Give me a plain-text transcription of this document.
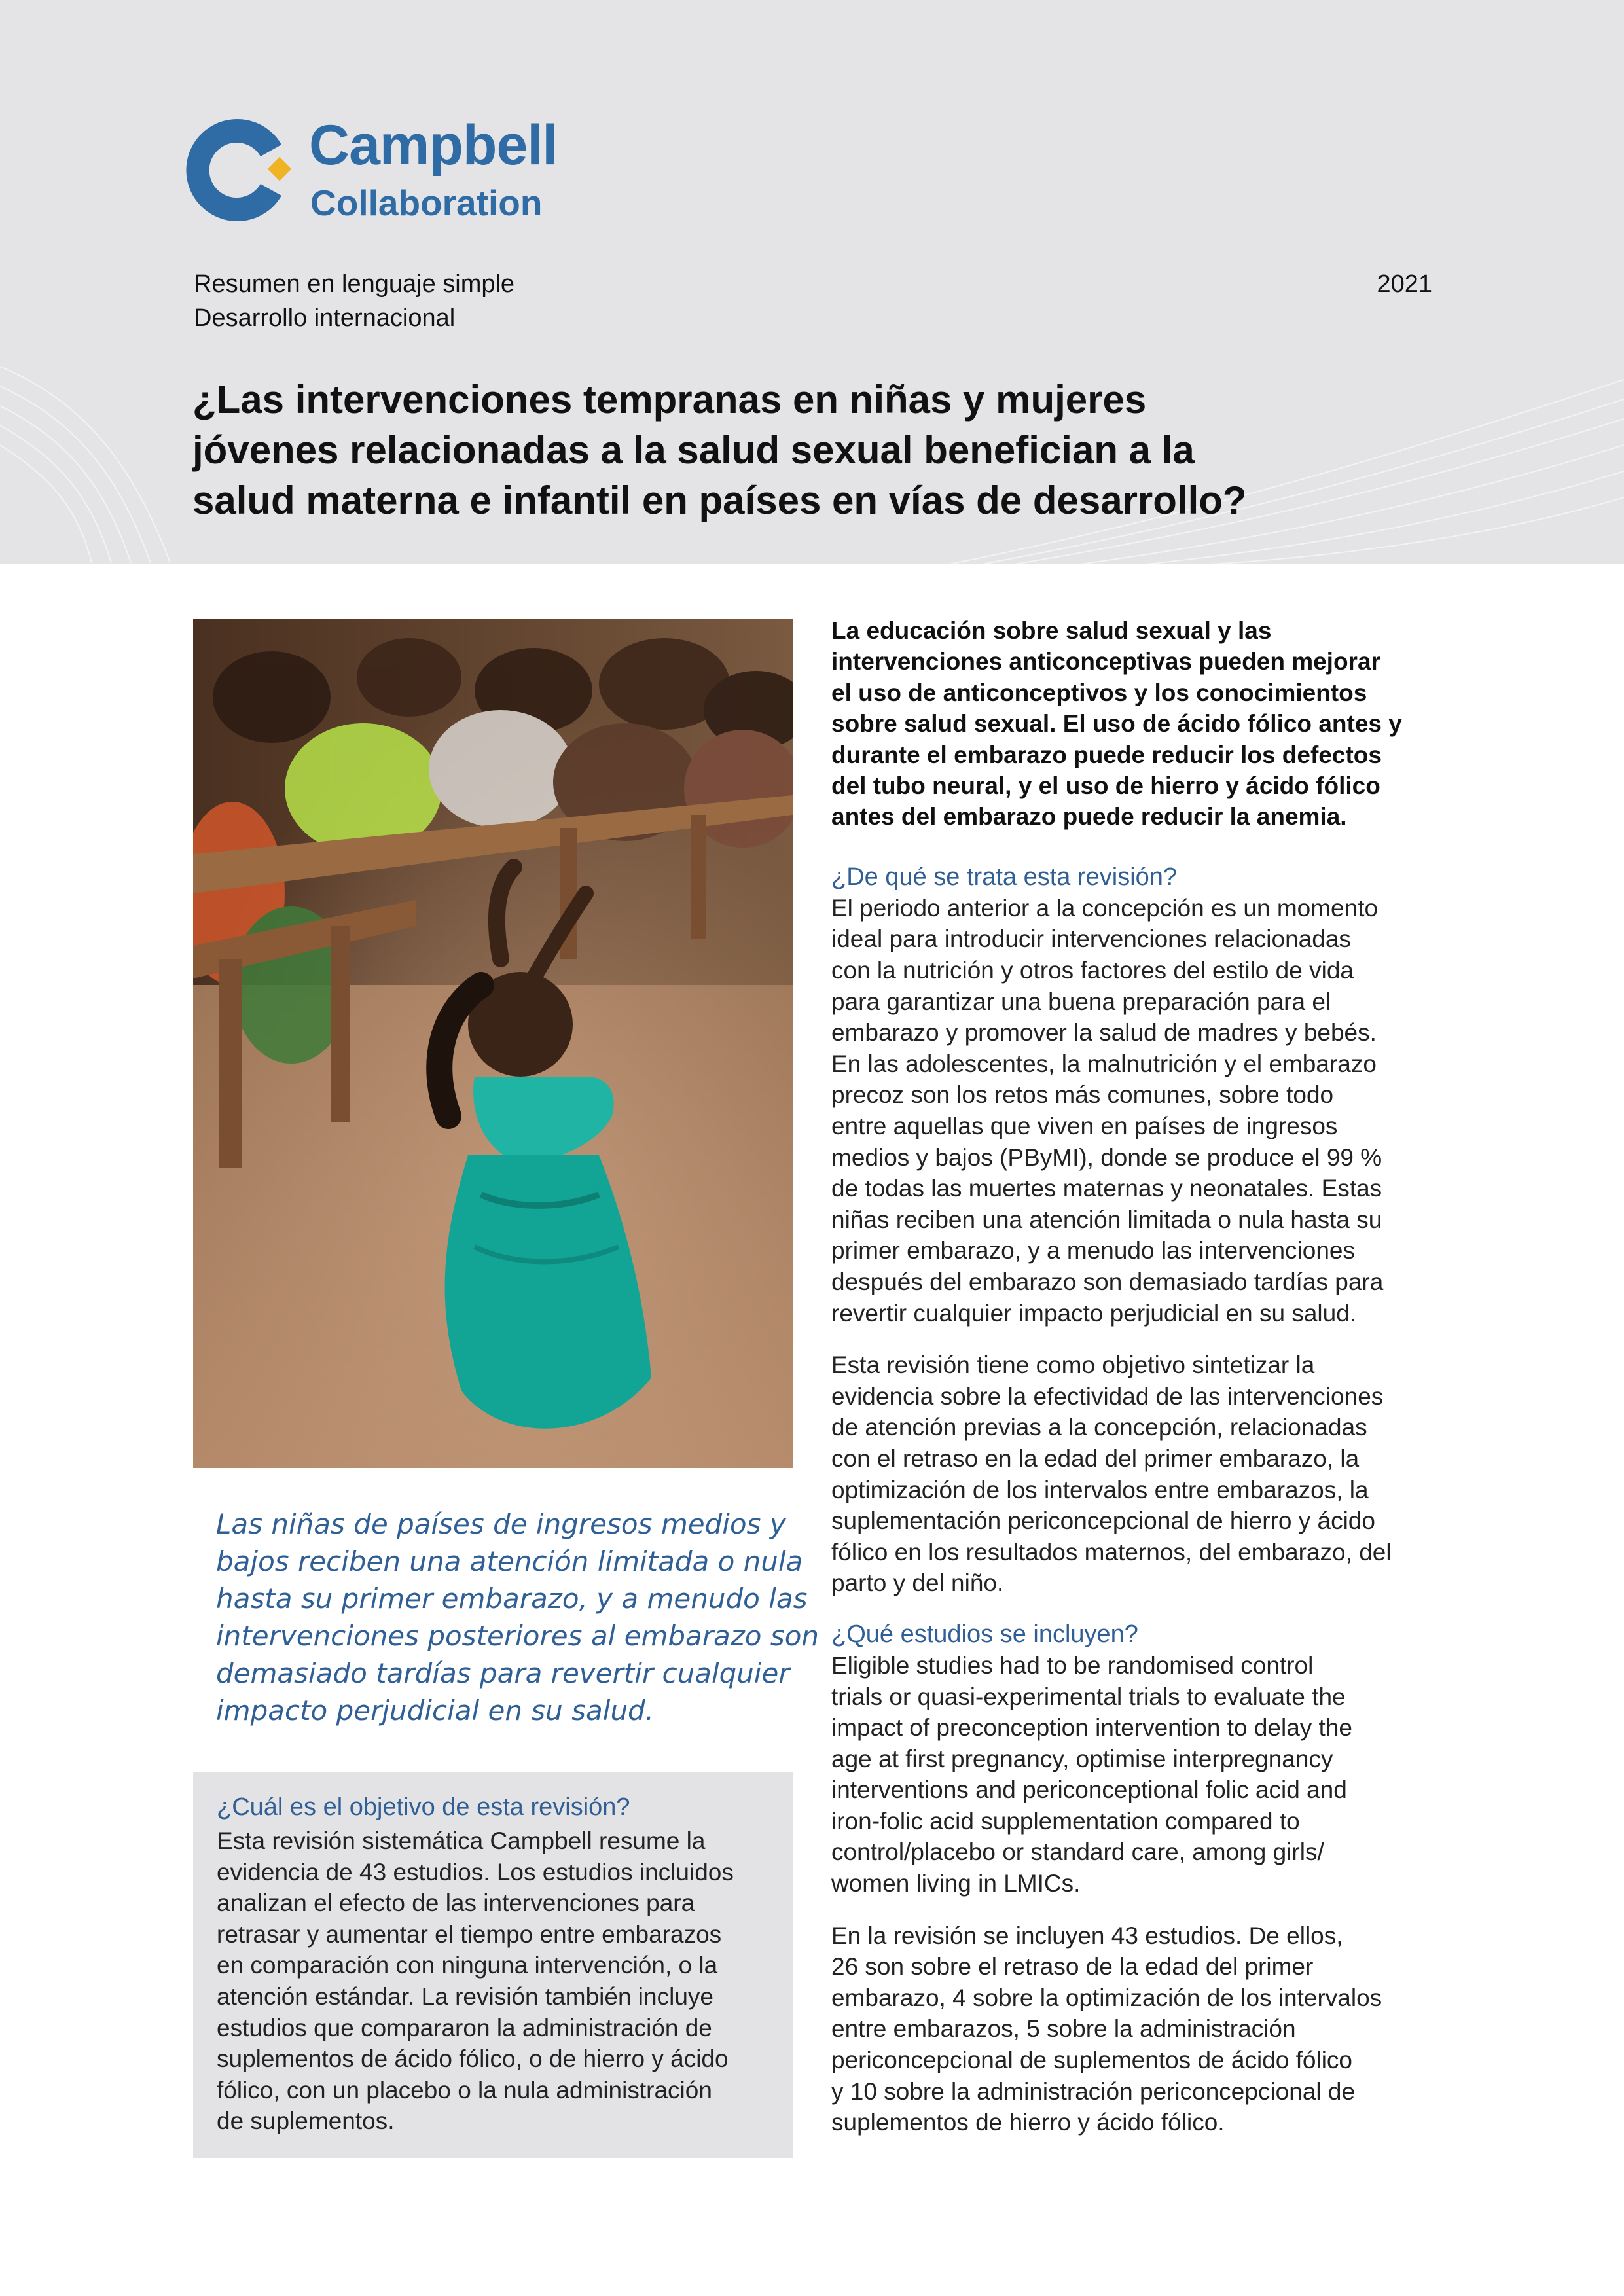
Campbell
Collaboration
Resumen en lenguaje simple
Desarrollo internacional
2021
¿Las intervenciones tempranas en niñas y mujeres
jóvenes relacionadas a la salud sexual benefician a la
salud materna e infantil en países en vías de desarrollo?
Las niñas de países de ingresos medios y
bajos reciben una atención limitada o nula
hasta su primer embarazo, y a menudo las
intervenciones posteriores al embarazo son
demasiado tardías para revertir cualquier
impacto perjudicial en su salud.
¿Cuál es el objetivo de esta revisión?
Esta revisión sistemática Campbell resume la
evidencia de 43 estudios. Los estudios incluidos
analizan el efecto de las intervenciones para
retrasar y aumentar el tiempo entre embarazos
en comparación con ninguna intervención, o la
atención estándar. La revisión también incluye
estudios que compararon la administración de
suplementos de ácido fólico, o de hierro y ácido
fólico, con un placebo o la nula administración
de suplementos.
La educación sobre salud sexual y las
intervenciones anticonceptivas pueden mejorar
el uso de anticonceptivos y los conocimientos
sobre salud sexual. El uso de ácido fólico antes y
durante el embarazo puede reducir los defectos
del tubo neural, y el uso de hierro y ácido fólico
antes del embarazo puede reducir la anemia.
¿De qué se trata esta revisión?
El periodo anterior a la concepción es un momento
ideal para introducir intervenciones relacionadas
con la nutrición y otros factores del estilo de vida
para garantizar una buena preparación para el
embarazo y promover la salud de madres y bebés.
En las adolescentes, la malnutrición y el embarazo
precoz son los retos más comunes, sobre todo
entre aquellas que viven en países de ingresos
medios y bajos (PByMI), donde se produce el 99 %
de todas las muertes maternas y neonatales. Estas
niñas reciben una atención limitada o nula hasta su
primer embarazo, y a menudo las intervenciones
después del embarazo son demasiado tardías para
revertir cualquier impacto perjudicial en su salud.
Esta revisión tiene como objetivo sintetizar la
evidencia sobre la efectividad de las intervenciones
de atención previas a la concepción, relacionadas
con el retraso en la edad del primer embarazo, la
optimización de los intervalos entre embarazos, la
suplementación periconcepcional de hierro y ácido
fólico en los resultados maternos, del embarazo, del
parto y del niño.
¿Qué estudios se incluyen?
Eligible studies had to be randomised control
trials or quasi-experimental trials to evaluate the
impact of preconception intervention to delay the
age at first pregnancy, optimise interpregnancy
interventions and periconceptional folic acid and
iron-folic acid supplementation compared to
control/placebo or standard care, among girls/
women living in LMICs.
En la revisión se incluyen 43 estudios. De ellos,
26 son sobre el retraso de la edad del primer
embarazo, 4 sobre la optimización de los intervalos
entre embarazos, 5 sobre la administración
periconcepcional de suplementos de ácido fólico
y 10 sobre la administración periconcepcional de
suplementos de hierro y ácido fólico.
